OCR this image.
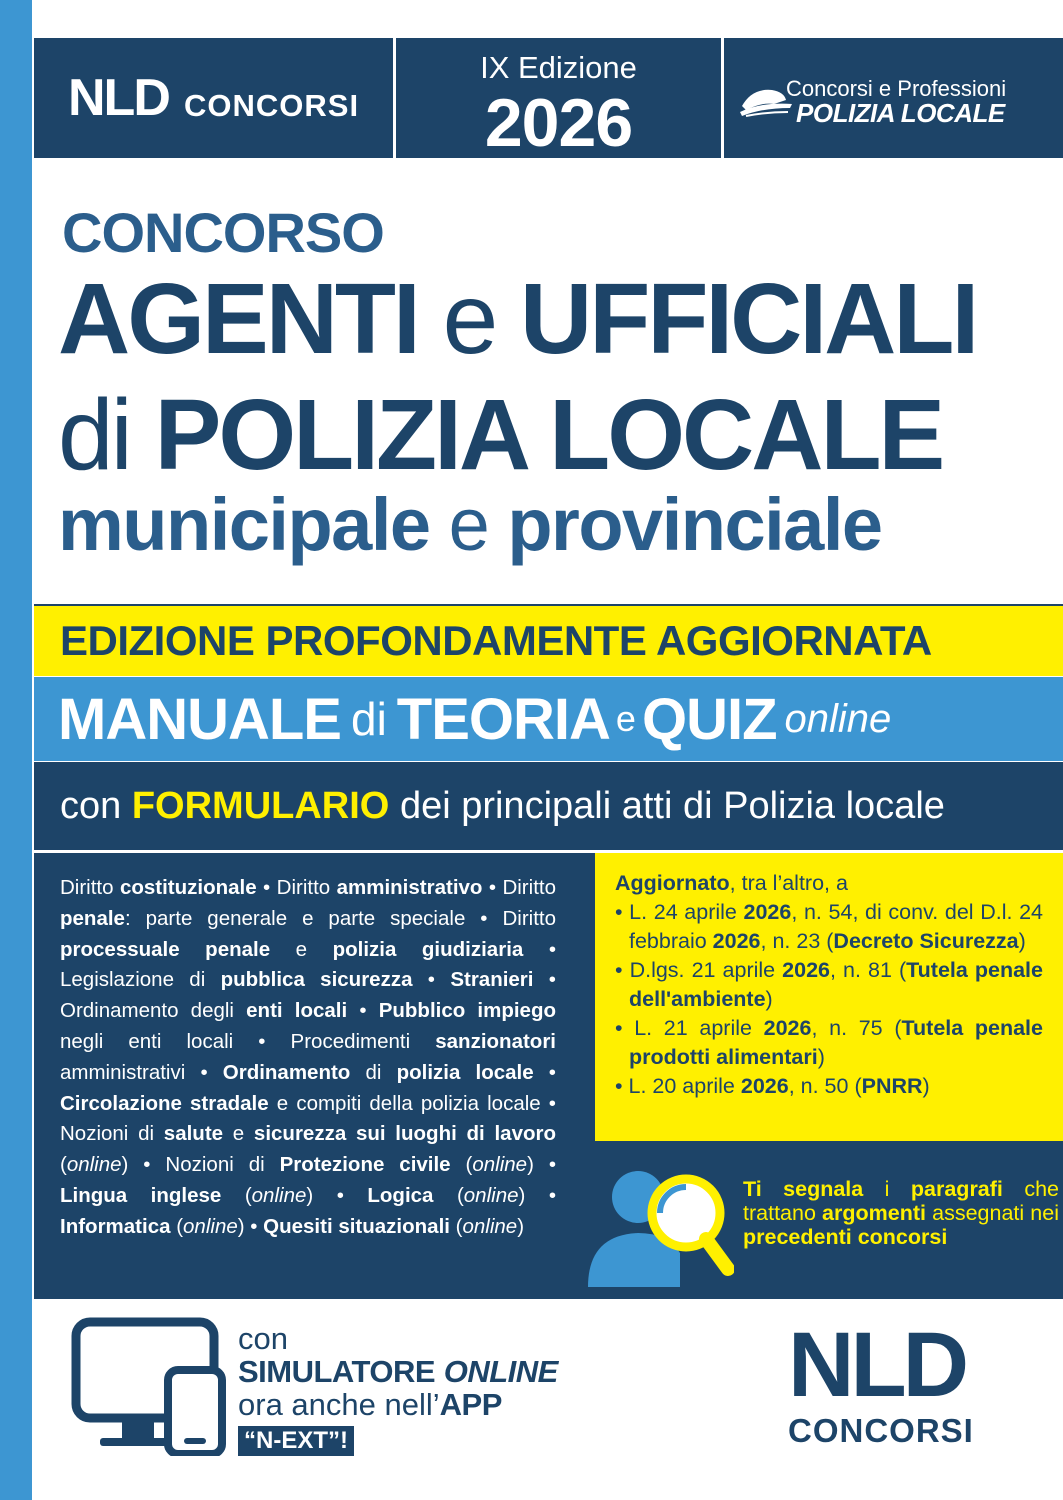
NLD CONCORSI
IX Edizione
2026	Concorsi e Professioni
POLIZIA LOCALE
CONCORSO
AGENTI e UFFICIALI
di POLIZIA LOCALE
municipale e provinciale
EDIZIONE PROFONDAMENTE AGGIORNATA
MANUALE di TEORIA e QUIZ online
con
FORMULARIO
dei principali atti di Polizia locale
Diritto costituzionale • Diritto amministrativo • Diritto penale: parte generale e parte speciale • Diritto processuale penale e polizia giudiziaria • Legislazione di pubblica sicurezza • Stranieri • Ordinamento degli enti locali • Pubblico impiego negli enti locali • Procedimenti sanzionatori amministrativi • Ordinamento di polizia locale • Circolazione stradale e compiti della polizia locale • Nozioni di salute e sicurezza sui luoghi di lavoro (online) • Nozioni di Protezione civile (online) • Lingua inglese (online) • Logica (online) • Informatica (online) • Quesiti situazionali (online)
Aggiornato, tra l’altro, a
• L. 24 aprile 2026, n. 54, di conv. del D.l. 24 febbraio 2026, n. 23 (Decreto Sicurezza)
• D.lgs. 21 aprile 2026, n. 81 (Tutela penale dell'ambiente)
• L. 21 aprile 2026, n. 75 (Tutela penale prodotti alimentari)
• L. 20 aprile 2026, n. 50 (PNRR)
Ti segnala i paragrafi che trattano argomenti assegnati nei precedenti concorsi
con
SIMULATORE ONLINE
ora anche nell’APP
“N-EXT”!
NLD
CONCORSI
